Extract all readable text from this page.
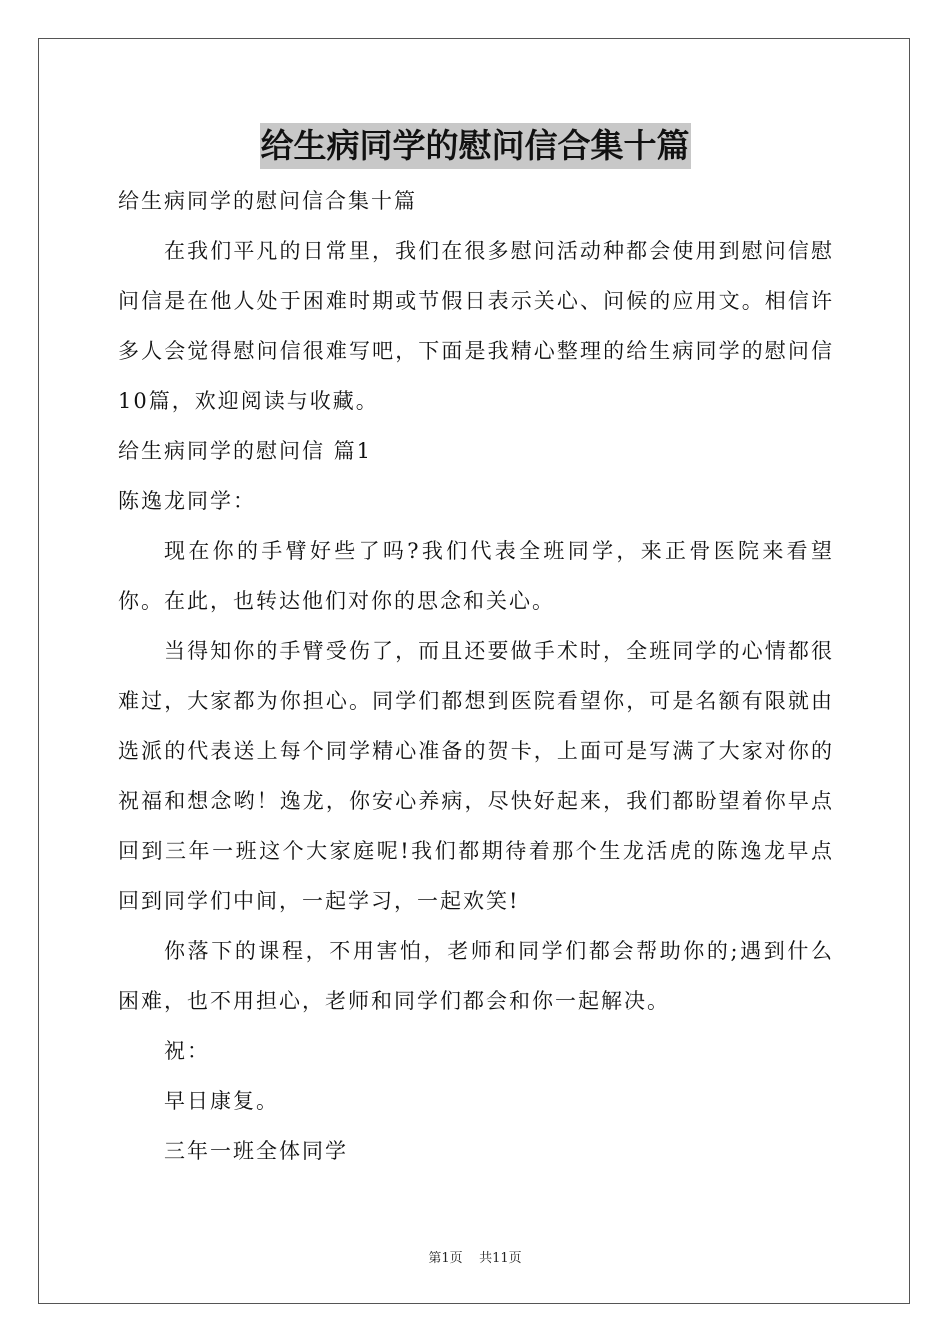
给生病同学的慰问信合集十篇

给生病同学的慰问信合集十篇

在我们平凡的日常里，我们在很多慰问活动种都会使用到慰问信慰问信是在他人处于困难时期或节假日表示关心、问候的应用文。相信许多人会觉得慰问信很难写吧，下面是我精心整理的给生病同学的慰问信10篇，欢迎阅读与收藏。

给生病同学的慰问信 篇1

陈逸龙同学：

现在你的手臂好些了吗?我们代表全班同学，来正骨医院来看望你。在此，也转达他们对你的思念和关心。

当得知你的手臂受伤了，而且还要做手术时，全班同学的心情都很难过，大家都为你担心。同学们都想到医院看望你，可是名额有限就由选派的代表送上每个同学精心准备的贺卡，上面可是写满了大家对你的祝福和想念哟！逸龙，你安心养病，尽快好起来，我们都盼望着你早点回到三年一班这个大家庭呢!我们都期待着那个生龙活虎的陈逸龙早点回到同学们中间，一起学习，一起欢笑!

你落下的课程，不用害怕，老师和同学们都会帮助你的;遇到什么困难，也不用担心，老师和同学们都会和你一起解决。

祝：

早日康复。

三年一班全体同学

第1页    共11页
